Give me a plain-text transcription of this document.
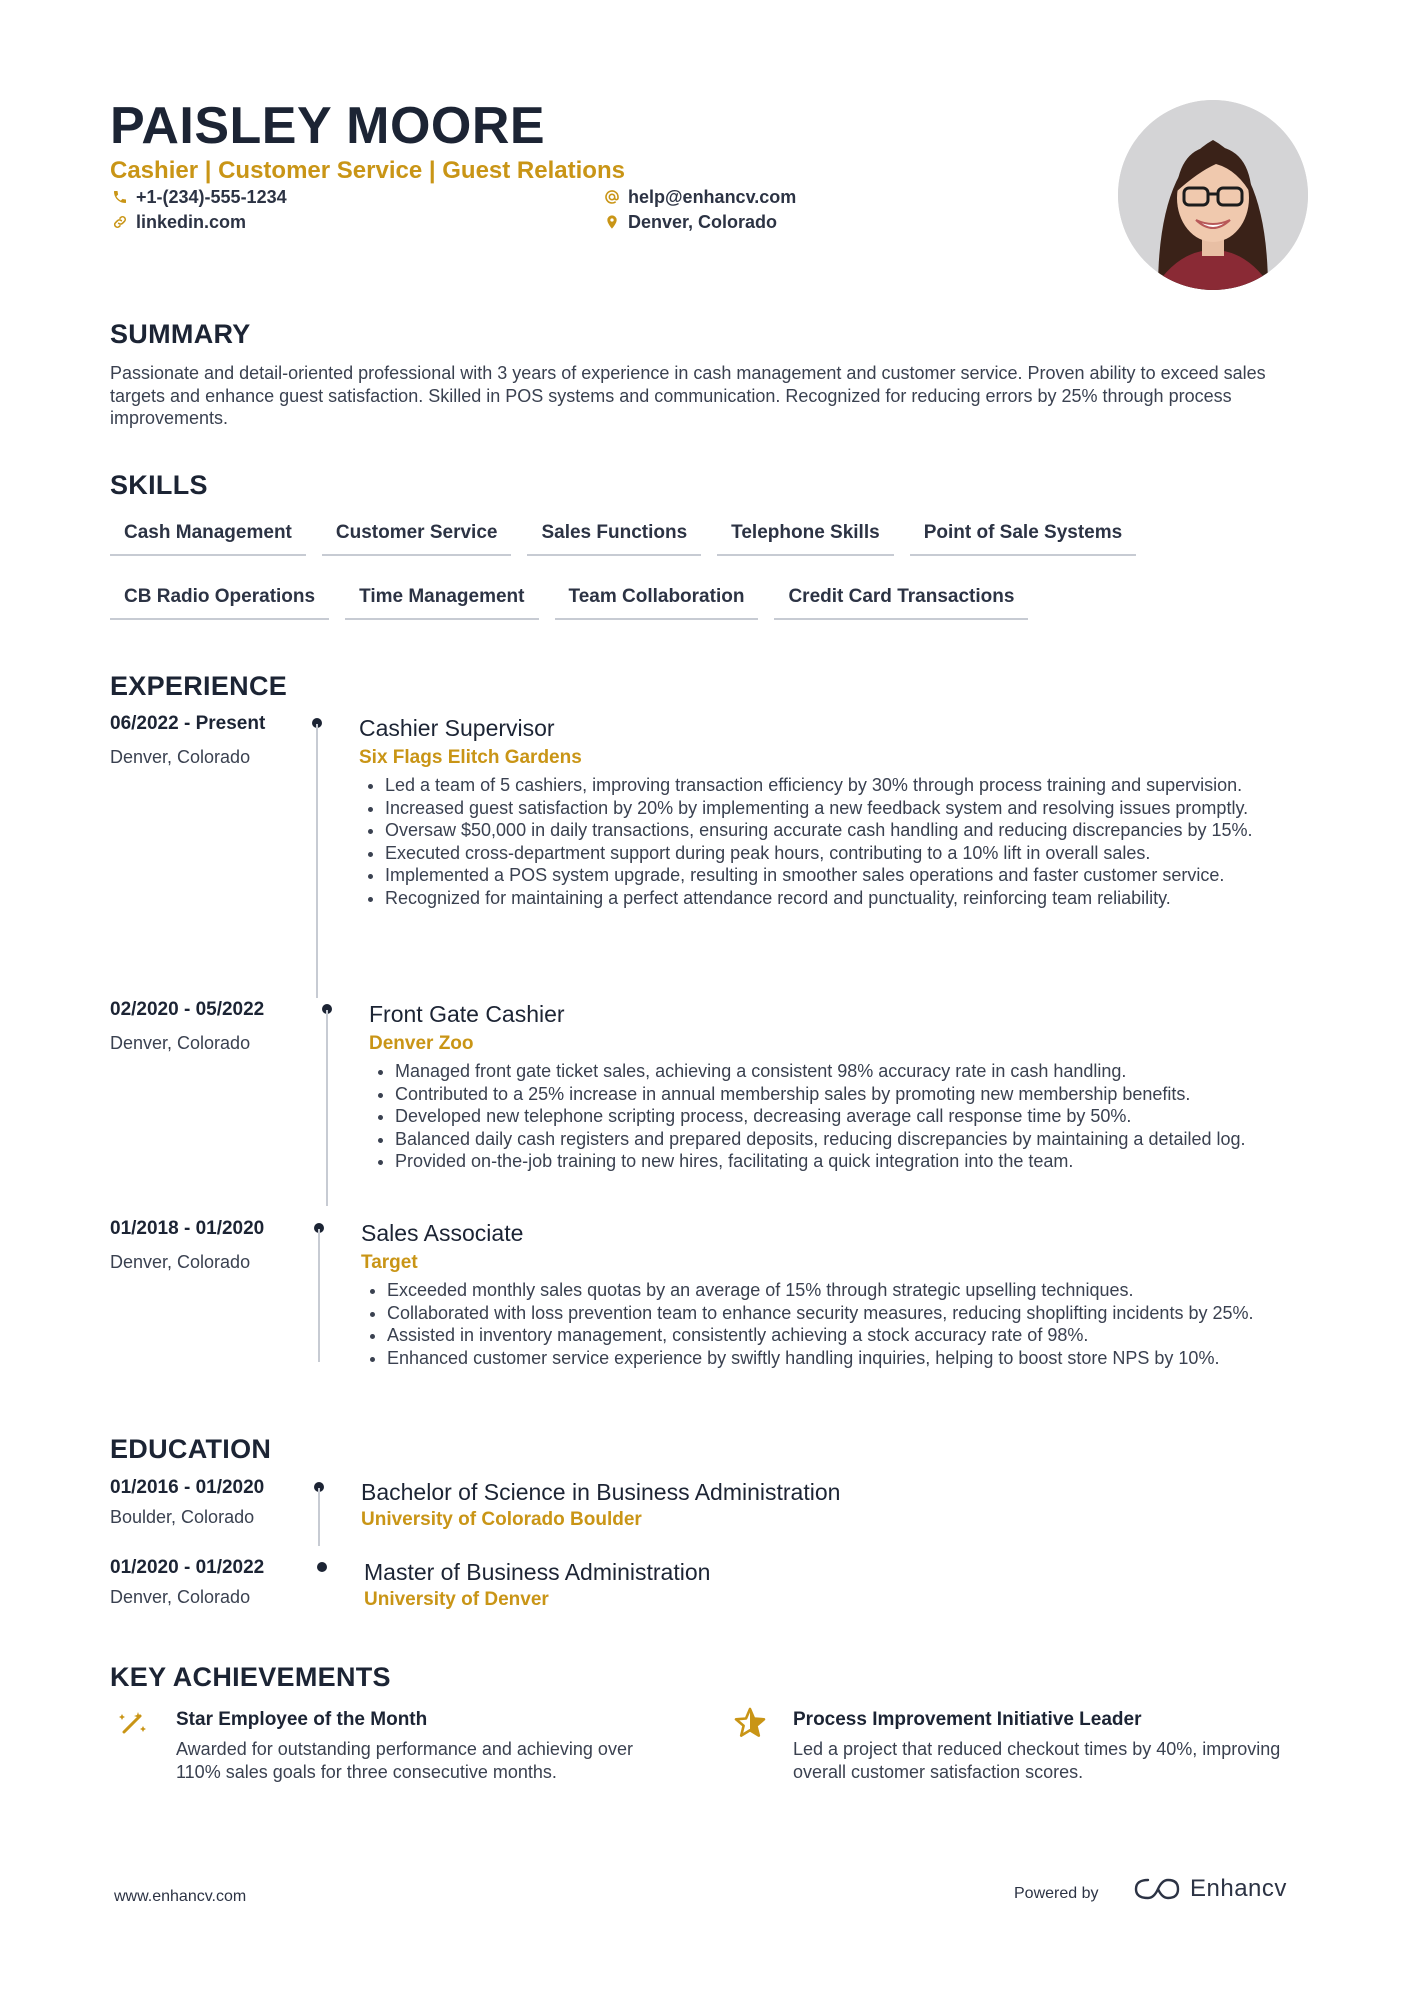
PAISLEY MOORE
Cashier | Customer Service | Guest Relations
+1-(234)-555-1234	help@enhancv.com
linkedin.com	Denver, Colorado
SUMMARY
Passionate and detail-oriented professional with 3 years of experience in cash management and customer service. Proven ability to exceed sales targets and enhance guest satisfaction. Skilled in POS systems and communication. Recognized for reducing errors by 25% through process improvements.
SKILLS
Cash Management	Customer Service	Sales Functions	Telephone Skills	Point of Sale Systems
CB Radio Operations	Time Management	Team Collaboration	Credit Card Transactions
EXPERIENCE
06/2022 - Present
Denver, Colorado
Cashier Supervisor
Six Flags Elitch Gardens
• Led a team of 5 cashiers, improving transaction efficiency by 30% through process training and supervision.
• Increased guest satisfaction by 20% by implementing a new feedback system and resolving issues promptly.
• Oversaw $50,000 in daily transactions, ensuring accurate cash handling and reducing discrepancies by 15%.
• Executed cross-department support during peak hours, contributing to a 10% lift in overall sales.
• Implemented a POS system upgrade, resulting in smoother sales operations and faster customer service.
• Recognized for maintaining a perfect attendance record and punctuality, reinforcing team reliability.
02/2020 - 05/2022
Denver, Colorado
Front Gate Cashier
Denver Zoo
• Managed front gate ticket sales, achieving a consistent 98% accuracy rate in cash handling.
• Contributed to a 25% increase in annual membership sales by promoting new membership benefits.
• Developed new telephone scripting process, decreasing average call response time by 50%.
• Balanced daily cash registers and prepared deposits, reducing discrepancies by maintaining a detailed log.
• Provided on-the-job training to new hires, facilitating a quick integration into the team.
01/2018 - 01/2020
Denver, Colorado
Sales Associate
Target
• Exceeded monthly sales quotas by an average of 15% through strategic upselling techniques.
• Collaborated with loss prevention team to enhance security measures, reducing shoplifting incidents by 25%.
• Assisted in inventory management, consistently achieving a stock accuracy rate of 98%.
• Enhanced customer service experience by swiftly handling inquiries, helping to boost store NPS by 10%.
EDUCATION
01/2016 - 01/2020
Boulder, Colorado
Bachelor of Science in Business Administration
University of Colorado Boulder
01/2020 - 01/2022
Denver, Colorado
Master of Business Administration
University of Denver
KEY ACHIEVEMENTS
Star Employee of the Month
Awarded for outstanding performance and achieving over 110% sales goals for three consecutive months.
Process Improvement Initiative Leader
Led a project that reduced checkout times by 40%, improving overall customer satisfaction scores.
www.enhancv.com	Powered by	Enhancv
